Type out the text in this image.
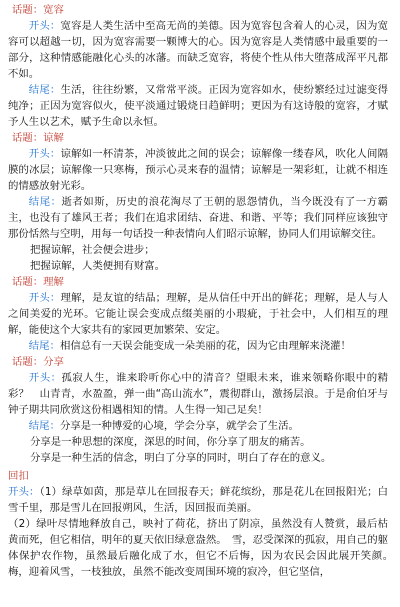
话题：宽容

开头：宽容是人类生活中至高无尚的美德。因为宽容包含着人的心灵，因为宽容可以超越一切，因为宽容需要一颗博大的心。因为宽容是人类情感中最重要的一部分，这种情感能融化心头的冰藩。而缺乏宽容，将使个性从伟大堕落成浑平凡都不如。

结尾：生活，往往纷繁，又常常平淡。正因为宽容如水，使纷繁经过过滤变得纯净；正因为宽容似火，使平淡通过锻烧日趋鲜明；更因为有这诗般的宽容，才赋予人生以艺术，赋予生命以永恒。

话题：谅解

开头：谅解如一杯清茶，冲淡彼此之间的误会；谅解像一缕春风，吹化人间隔膜的冰层；谅解像一只寒梅，预示心灵来春的温情；谅解是一架彩虹，让就不相连的情感放射光彩。

结尾：逝者如斯，历史的浪花淘尽了王朝的恩怨情仇，当今既没有了一方霸主，也没有了雄风王者；我们在追求团结、奋进、和谐、平等；我们同样应该独守那份恬然与空明，用每一句话投一种表情向人们昭示谅解，协同人们用谅解交往。

把握谅解，社会便会进步；

把握谅解，人类便拥有财富。

话题：理解

开头：理解，是友谊的结晶；理解，是从信任中开出的鲜花；理解，是人与人之间美爱的光环。它能让误会变成点缀美丽的小瑕疵，于社会中，人们相互的理解，能使这个大家共有的家园更加繁荣、安定。

结尾：相信总有一天误会能变成一朵美丽的花，因为它由理解来浇灌！

话题：分享

开头：孤寂人生，谁来聆听你心中的清音？望眼未来，谁来领略你眼中的精彩？　山青青，水盈盈，弹一曲“高山流水”，震彻群山，激扬层浪。于是俞伯牙与钟子期共同欣赏这份相遇相知的情。人生得一知己足矣！

结尾：分享是一种博爱的心境，学会分享，就学会了生活。

分享是一种思想的深度，深思的时间，你分享了朋友的痛苦。

分享是一种生活的信念，明白了分享的同时，明白了存在的意义。

回扣

开头：（1）绿草如茵，那是草儿在回报春天；鲜花缤纷，那是花儿在回报阳光；白雪千里，那是雪儿在回报朔风，生活，因回报而美丽。

（2）绿叶尽情地释放自己，映衬了荷花，挤出了阴凉，虽然没有人赞赏，最后枯黄而死，但它相信，明年的夏天依旧绿意盎然。　雪，忍受深深的孤寂，用自己的躯体保护农作物，虽然最后融化成了水，但它不后悔，因为农民会因此展开笑颜。　梅，迎着风雪，一枝独放，虽然不能改变周围环境的寂冷，但它坚信，
